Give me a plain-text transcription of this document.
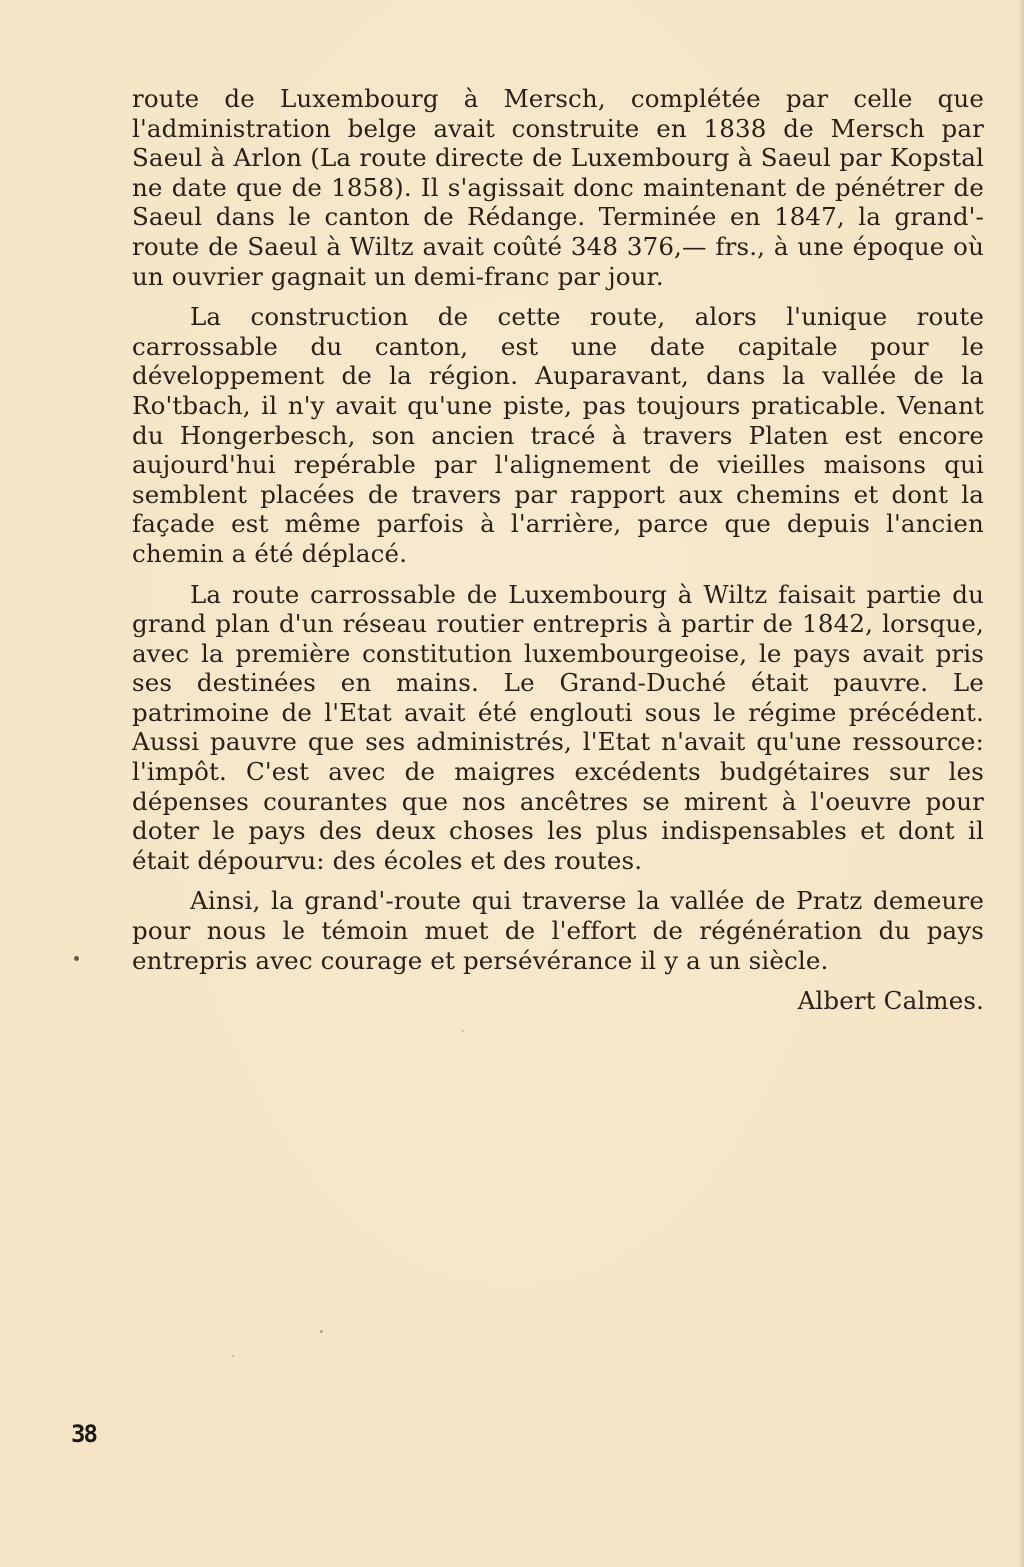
route de Luxembourg à Mersch, complétée par celle que l'administration belge avait construite en 1838 de Mersch par Saeul à Arlon (La route directe de Luxembourg à Saeul par Kopstal ne date que de 1858). Il s'agissait donc maintenant de pénétrer de Saeul dans le canton de Rédange. Terminée en 1847, la grand'-route de Saeul à Wiltz avait coûté 348 376,— frs., à une époque où un ouvrier gagnait un demi-franc par jour.

La construction de cette route, alors l'unique route carrossable du canton, est une date capitale pour le développement de la région. Auparavant, dans la vallée de la Ro'tbach, il n'y avait qu'une piste, pas toujours praticable. Venant du Hongerbesch, son ancien tracé à travers Platen est encore aujourd'hui repérable par l'alignement de vieilles maisons qui semblent placées de travers par rapport aux chemins et dont la façade est même parfois à l'arrière, parce que depuis l'ancien chemin a été déplacé.

La route carrossable de Luxembourg à Wiltz faisait partie du grand plan d'un réseau routier entrepris à partir de 1842, lorsque, avec la première constitution luxembourgeoise, le pays avait pris ses destinées en mains. Le Grand-Duché était pauvre. Le patrimoine de l'Etat avait été englouti sous le régime précédent. Aussi pauvre que ses administrés, l'Etat n'avait qu'une ressource: l'impôt. C'est avec de maigres excédents budgétaires sur les dépenses courantes que nos ancêtres se mirent à l'oeuvre pour doter le pays des deux choses les plus indispensables et dont il était dépourvu: des écoles et des routes.

Ainsi, la grand'-route qui traverse la vallée de Pratz demeure pour nous le témoin muet de l'effort de régénération du pays entrepris avec courage et persévérance il y a un siècle.

Albert Calmes.
38
